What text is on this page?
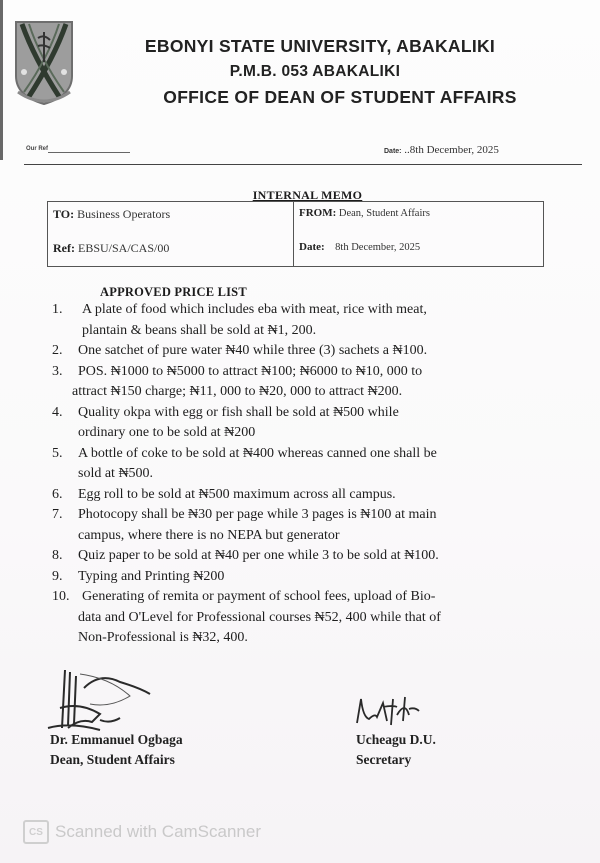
EBONYI STATE UNIVERSITY, ABAKALIKI
P.M.B. 053 ABAKALIKI
OFFICE OF DEAN OF STUDENT AFFAIRS
Our Ref	Date: ..8th December, 2025
INTERNAL MEMO
TO: Business Operators
Ref: EBSU/SA/CAS/00
FROM: Dean, Student Affairs
Date: 8th December, 2025
APPROVED PRICE LIST
1. A plate of food which includes eba with meat, rice with meat,
plantain & beans shall be sold at ₦1, 200.
2. One satchet of pure water ₦40 while three (3) sachets a ₦100.
3. POS. ₦1000 to ₦5000 to attract ₦100; ₦6000 to ₦10, 000 to
attract ₦150 charge; ₦11, 000 to ₦20, 000 to attract ₦200.
4. Quality okpa with egg or fish shall be sold at ₦500 while
ordinary one to be sold at ₦200
5. A bottle of coke to be sold at ₦400 whereas canned one shall be
sold at ₦500.
6. Egg roll to be sold at ₦500 maximum across all campus.
7. Photocopy shall be ₦30 per page while 3 pages is ₦100 at main
campus, where there is no NEPA but generator
8. Quiz paper to be sold at ₦40 per one while 3 to be sold at ₦100.
9. Typing and Printing ₦200
10. Generating of remita or payment of school fees, upload of Bio-
data and O'Level for Professional courses ₦52, 400 while that of
Non-Professional is ₦32, 400.
Dr. Emmanuel Ogbaga
Dean, Student Affairs
Ucheagu D.U.
Secretary
CS Scanned with CamScanner
